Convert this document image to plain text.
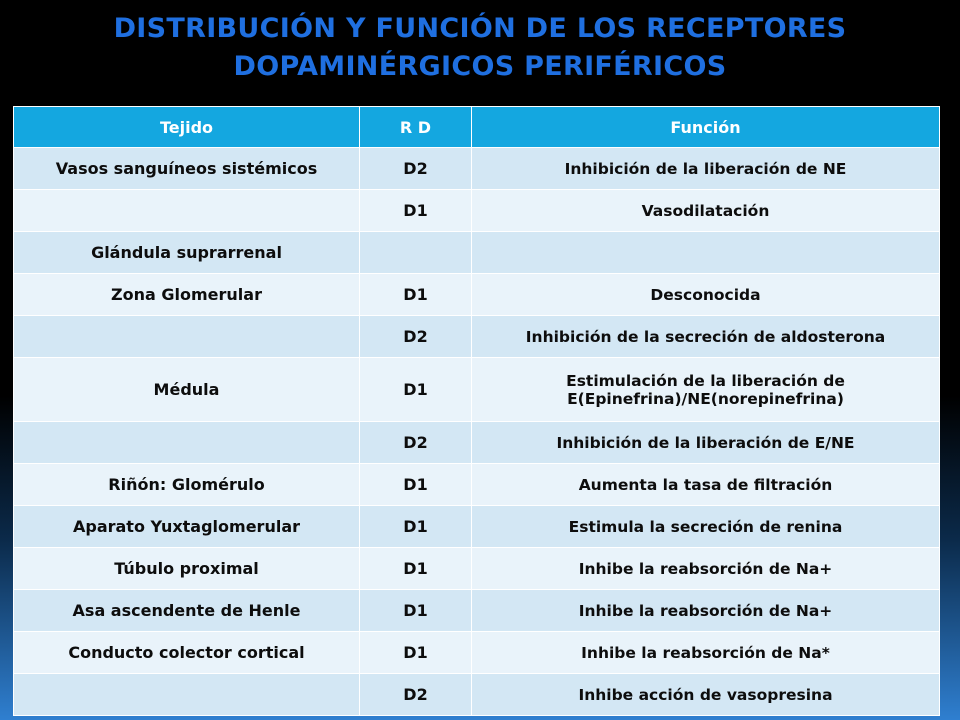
DISTRIBUCIÓN Y FUNCIÓN DE LOS RECEPTORES
DOPAMINÉRGICOS PERIFÉRICOS
Tejido	R D	Función
Vasos sanguíneos sistémicos	D2	Inhibición de la liberación de NE
	D1	Vasodilatación
Glándula suprarrenal		
Zona Glomerular	D1	Desconocida
	D2	Inhibición de la secreción de aldosterona
Médula	D1	Estimulación de la liberación de E(Epinefrina)/NE(norepinefrina)
	D2	Inhibición de la liberación de E/NE
Riñón: Glomérulo	D1	Aumenta la tasa de filtración
Aparato Yuxtaglomerular	D1	Estimula la secreción de renina
Túbulo proximal	D1	Inhibe la reabsorción de Na+
Asa ascendente de Henle	D1	Inhibe la reabsorción de Na+
Conducto colector cortical	D1	Inhibe la reabsorción de Na*
	D2	Inhibe acción de vasopresina
